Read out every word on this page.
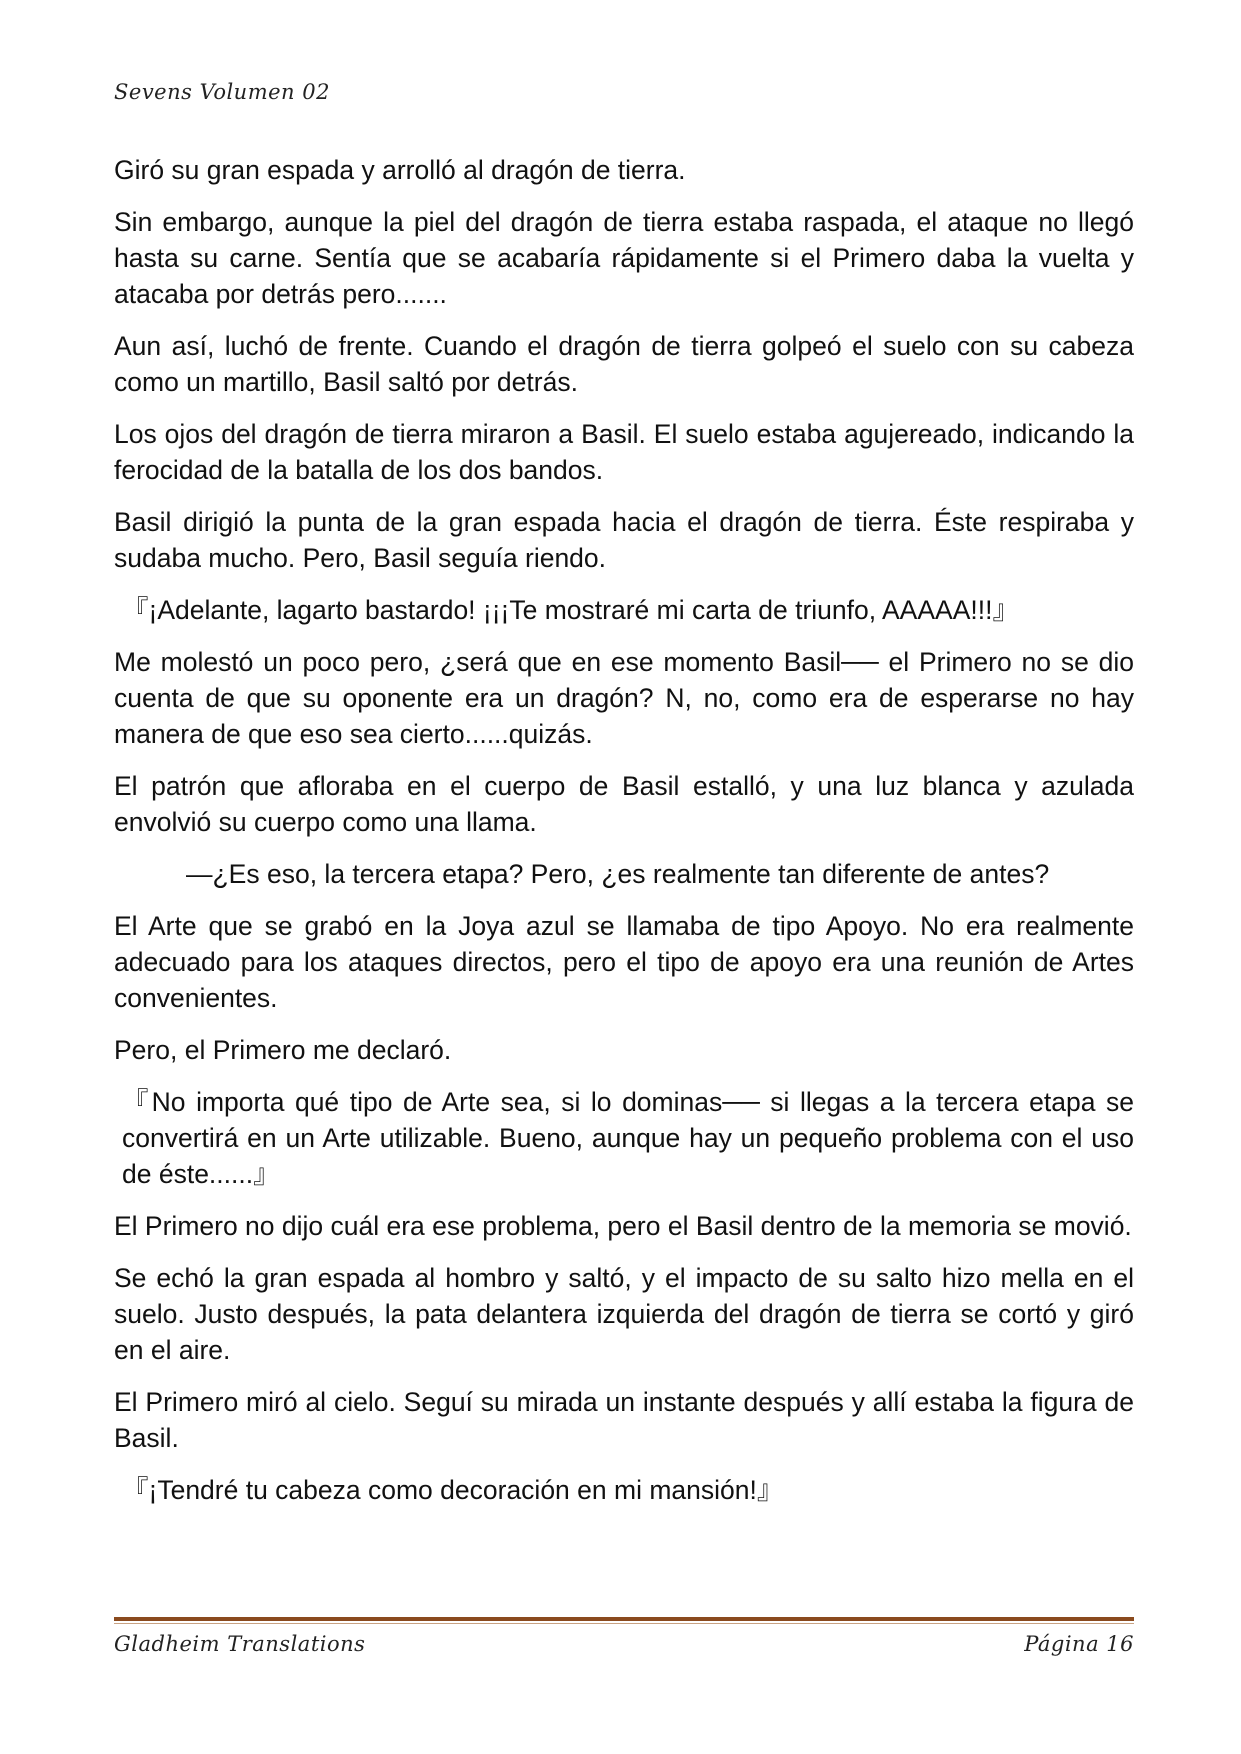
Sevens Volumen 02

Giró su gran espada y arrolló al dragón de tierra.

Sin embargo, aunque la piel del dragón de tierra estaba raspada, el ataque no llegó hasta su carne. Sentía que se acabaría rápidamente si el Primero daba la vuelta y atacaba por detrás pero.......

Aun así, luchó de frente. Cuando el dragón de tierra golpeó el suelo con su cabeza como un martillo, Basil saltó por detrás.

Los ojos del dragón de tierra miraron a Basil. El suelo estaba agujereado, indicando la ferocidad de la batalla de los dos bandos.

Basil dirigió la punta de la gran espada hacia el dragón de tierra. Éste respiraba y sudaba mucho. Pero, Basil seguía riendo.

『¡Adelante, lagarto bastardo! ¡¡¡Te mostraré mi carta de triunfo, AAAAA!!!』

Me molestó un poco pero, ¿será que en ese momento Basil── el Primero no se dio cuenta de que su oponente era un dragón? N, no, como era de esperarse no hay manera de que eso sea cierto......quizás.

El patrón que afloraba en el cuerpo de Basil estalló, y una luz blanca y azulada envolvió su cuerpo como una llama.

—¿Es eso, la tercera etapa? Pero, ¿es realmente tan diferente de antes?

El Arte que se grabó en la Joya azul se llamaba de tipo Apoyo. No era realmente adecuado para los ataques directos, pero el tipo de apoyo era una reunión de Artes convenientes.

Pero, el Primero me declaró.

『No importa qué tipo de Arte sea, si lo dominas── si llegas a la tercera etapa se convertirá en un Arte utilizable. Bueno, aunque hay un pequeño problema con el uso de éste......』

El Primero no dijo cuál era ese problema, pero el Basil dentro de la memoria se movió.

Se echó la gran espada al hombro y saltó, y el impacto de su salto hizo mella en el suelo. Justo después, la pata delantera izquierda del dragón de tierra se cortó y giró en el aire.

El Primero miró al cielo. Seguí su mirada un instante después y allí estaba la figura de Basil.

『¡Tendré tu cabeza como decoración en mi mansión!』

Gladheim Translations	Página 16
